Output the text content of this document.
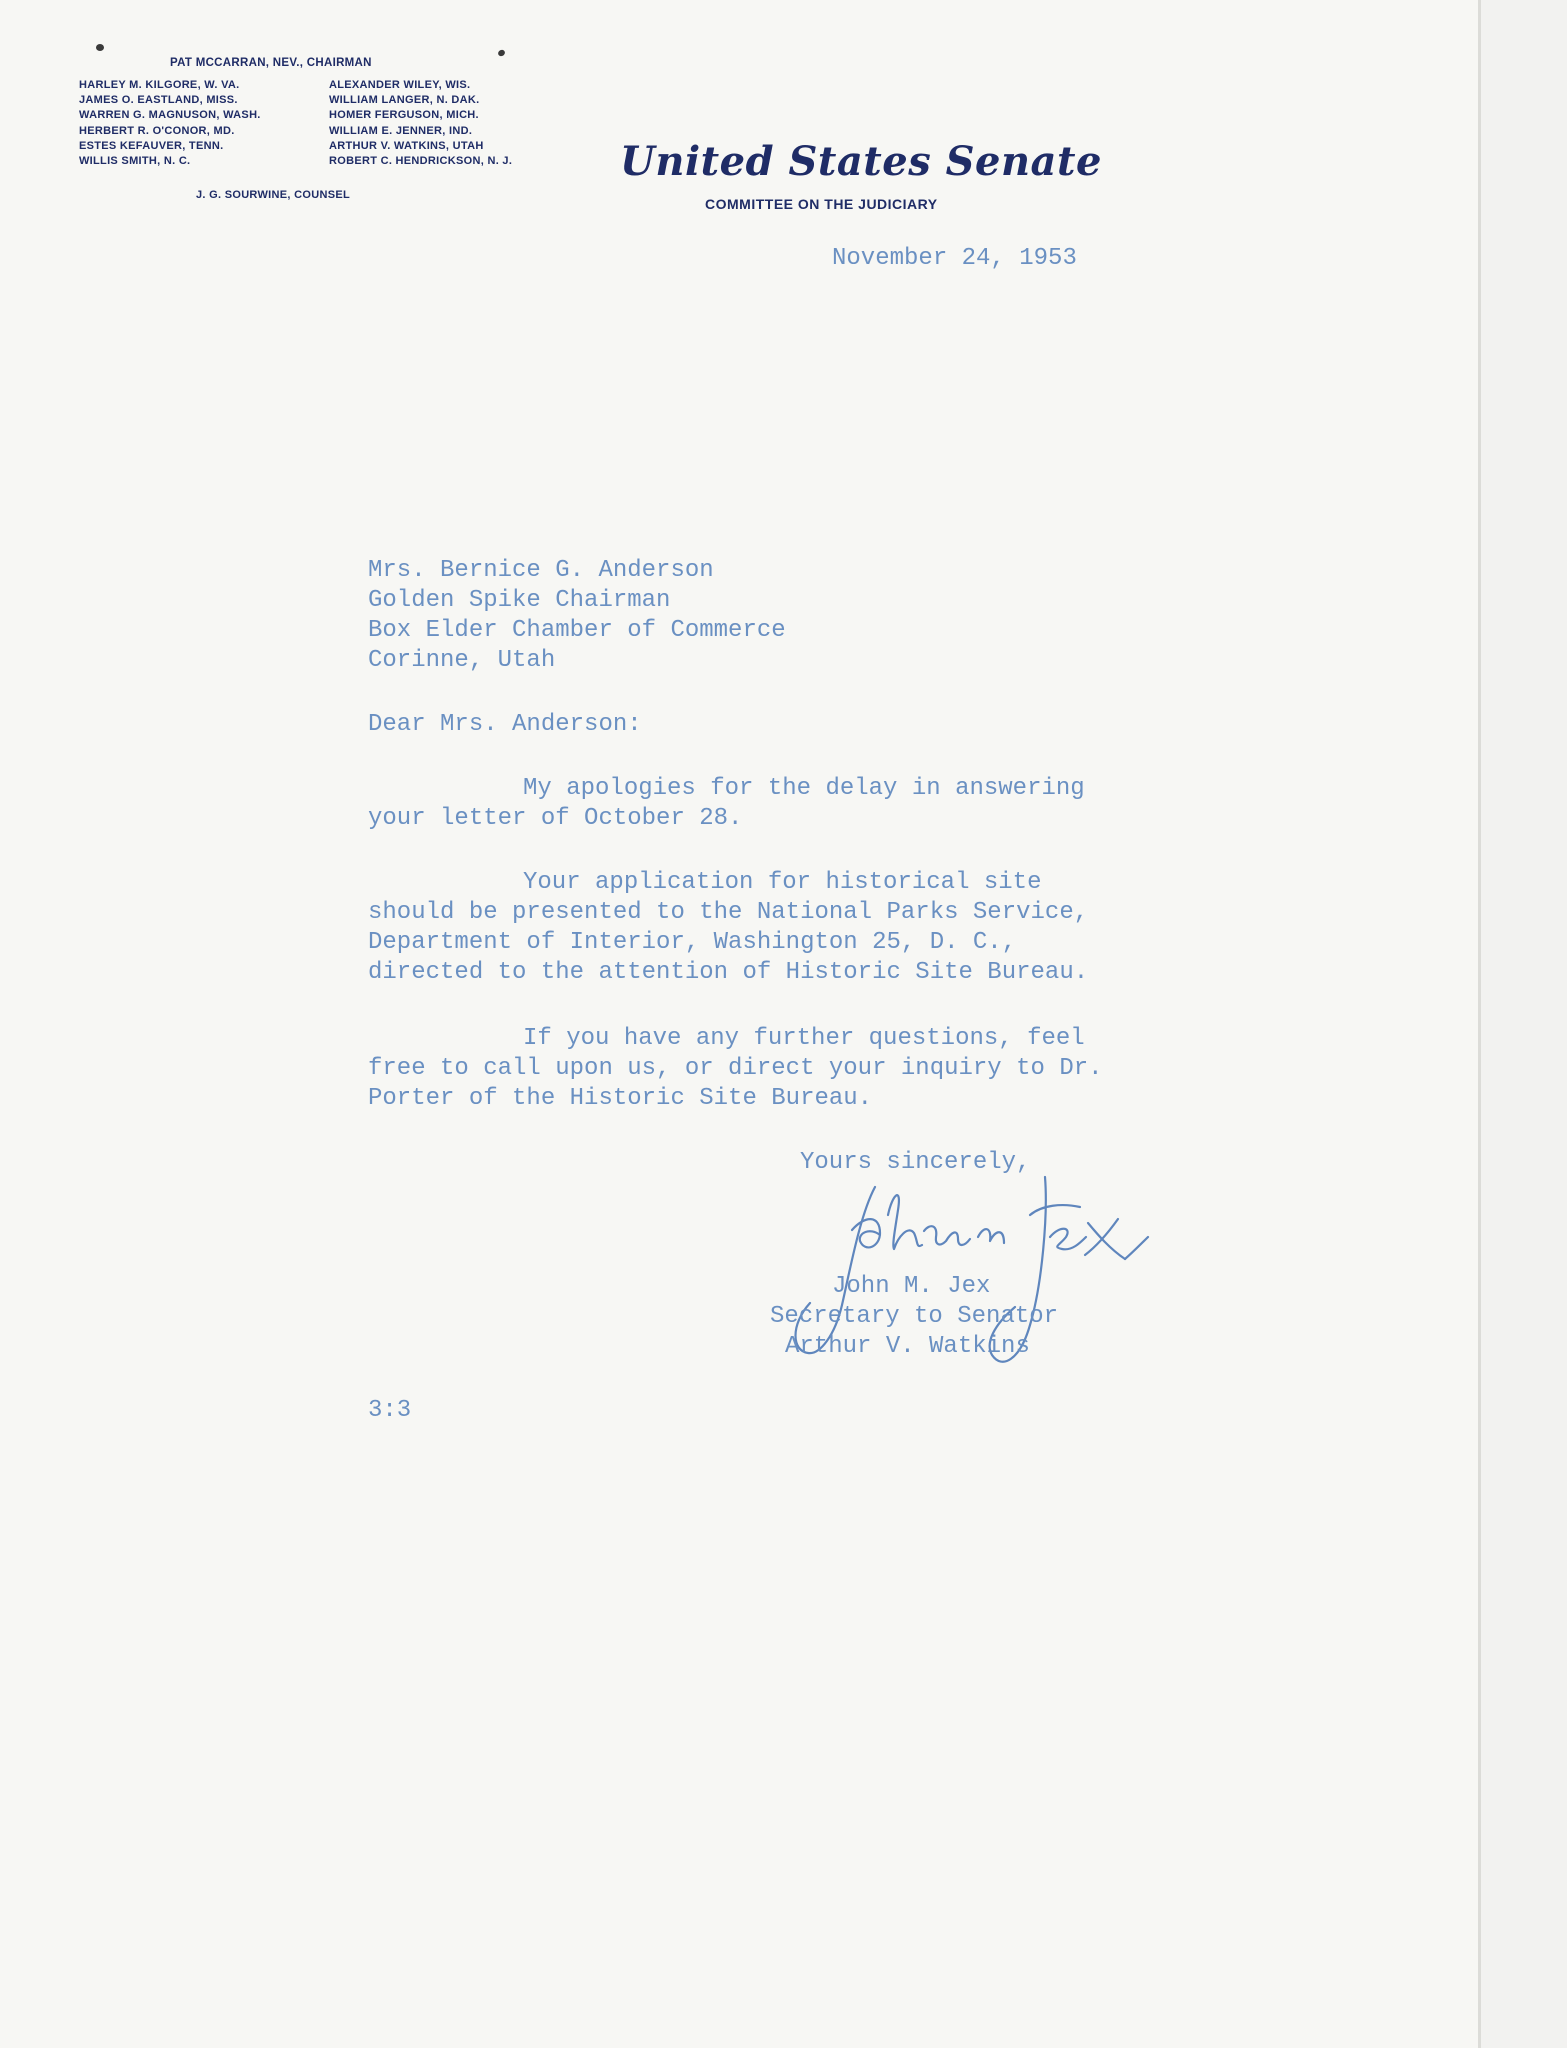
PAT MCCARRAN, NEV., CHAIRMAN
HARLEY M. KILGORE, W. VA.
JAMES O. EASTLAND, MISS.
WARREN G. MAGNUSON, WASH.
HERBERT R. O'CONOR, MD.
ESTES KEFAUVER, TENN.
WILLIS SMITH, N. C.
ALEXANDER WILEY, WIS.
WILLIAM LANGER, N. DAK.
HOMER FERGUSON, MICH.
WILLIAM E. JENNER, IND.
ARTHUR V. WATKINS, UTAH
ROBERT C. HENDRICKSON, N. J.
J. G. SOURWINE, COUNSEL
United States Senate
COMMITTEE ON THE JUDICIARY
November 24, 1953
Mrs. Bernice G. Anderson
Golden Spike Chairman
Box Elder Chamber of Commerce
Corinne, Utah
Dear Mrs. Anderson:
My apologies for the delay in answering
your letter of October 28.
Your application for historical site
should be presented to the National Parks Service,
Department of Interior, Washington 25, D. C.,
directed to the attention of Historic Site Bureau.
If you have any further questions, feel
free to call upon us, or direct your inquiry to Dr.
Porter of the Historic Site Bureau.
Yours sincerely,
John M. Jex
Secretary to Senator
Arthur V. Watkins
3:3
